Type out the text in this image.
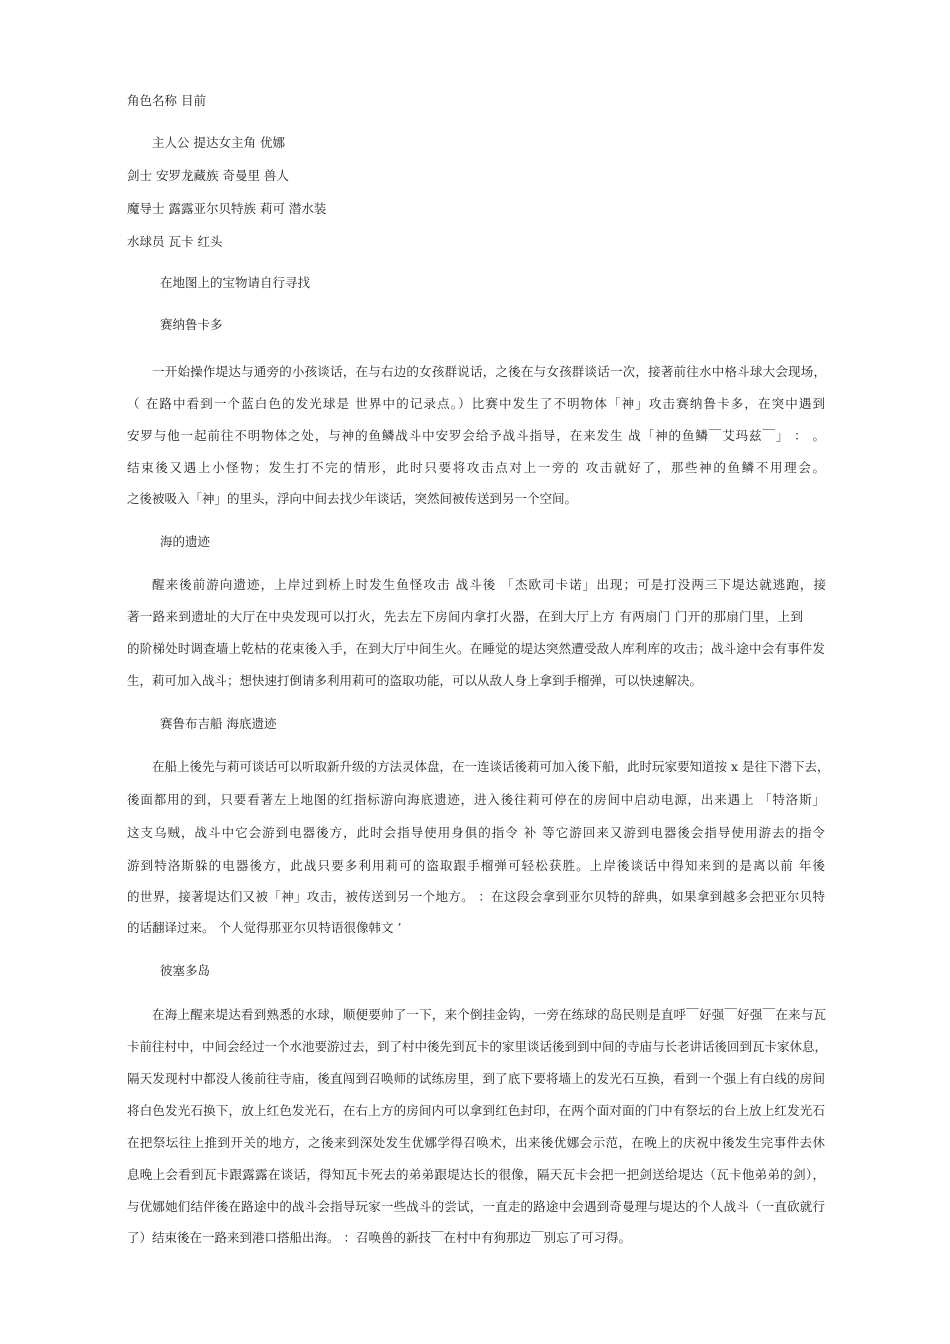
角色名称 目前
主人公 提达女主角 优娜
剑士 安罗龙藏族 奇曼里 兽人
魔导士 露露亚尔贝特族 莉可 潜水装
水球员 瓦卡 红头
在地图上的宝物请自行寻找
赛纳鲁卡多
一开始操作堤达与通旁的小孩谈话，在与右边的女孩群说话，之後在与女孩群谈话一次，接著前往水中格斗球大会现场，
（ 在路中看到一个蓝白色的发光球是 世界中的记录点。）比赛中发生了不明物体「神」攻击赛纳鲁卡多，在突中遇到
安罗与他一起前往不明物体之处，与神的鱼鳞战斗中安罗会给予战斗指导，在来发生 战「神的鱼鳞￣艾玛兹￣」 ： 。
结束後又遇上小怪物；发生打不完的情形，此时只要将攻击点对上一旁的 攻击就好了，那些神的鱼鳞不用理会。
之後被吸入「神」的里头，浮向中间去找少年谈话，突然间被传送到另一个空间。
海的遗迹
醒来後前游向遗迹，上岸过到桥上时发生鱼怪攻击 战斗後 「杰欧司卡诺」出现；可是打没两三下堤达就逃跑，接
著一路来到遗址的大厅在中央发现可以打火，先去左下房间内拿打火器，在到大厅上方 有两扇门 门开的那扇门里，上到
的阶梯处时调查墙上乾枯的花束後入手，在到大厅中间生火。在睡觉的堤达突然遭受敌人库利库的攻击；战斗途中会有事件发
生，莉可加入战斗；想快速打倒请多利用莉可的盗取功能，可以从敌人身上拿到手榴弹，可以快速解决。
赛鲁布吉船 海底遗迹
在船上後先与莉可谈话可以听取新升级的方法灵体盘，在一连谈话後莉可加入後下船，此时玩家要知道按 x 是往下潜下去，
後面都用的到，只要看著左上地图的红指标游向海底遗迹，进入後往莉可停在的房间中启动电源，出来遇上 「特洛斯」
这支乌贼，战斗中它会游到电器後方，此时会指导使用身俱的指令 补 等它游回来又游到电器後会指导使用游去的指令
游到特洛斯躲的电器後方，此战只要多利用莉可的盗取跟手榴弹可轻松获胜。上岸後谈话中得知来到的是离以前 年後
的世界，接著堤达们又被「神」攻击，被传送到另一个地方。 ：在这段会拿到亚尔贝特的辞典，如果拿到越多会把亚尔贝特
的话翻译过来。 个人觉得那亚尔贝特语很像韩文 ’
彼塞多岛
在海上醒来堤达看到熟悉的水球，顺便要帅了一下，来个倒挂金钩，一旁在练球的岛民则是直呼￣好强￣好强￣在来与瓦
卡前往村中，中间会经过一个水池要游过去，到了村中後先到瓦卡的家里谈话後到到中间的寺庙与长老讲话後回到瓦卡家休息，
隔天发现村中都没人後前往寺庙，後直闯到召唤师的试练房里，到了底下要将墙上的发光石互换，看到一个强上有白线的房间
将白色发光石换下，放上红色发光石，在右上方的房间内可以拿到红色封印，在两个面对面的门中有祭坛的台上放上红发光石
在把祭坛往上推到开关的地方，之後来到深处发生优娜学得召唤术，出来後优娜会示范，在晚上的庆祝中後发生完事件去休
息晚上会看到瓦卡跟露露在谈话，得知瓦卡死去的弟弟跟堤达长的很像，隔天瓦卡会把一把剑送给堤达（瓦卡他弟弟的剑），
与优娜她们结伴後在路途中的战斗会指导玩家一些战斗的尝试，一直走的路途中会遇到奇曼理与堤达的个人战斗（一直砍就行
了）结束後在一路来到港口搭船出海。 ：召唤兽的新技￣在村中有狗那边￣别忘了可习得。
